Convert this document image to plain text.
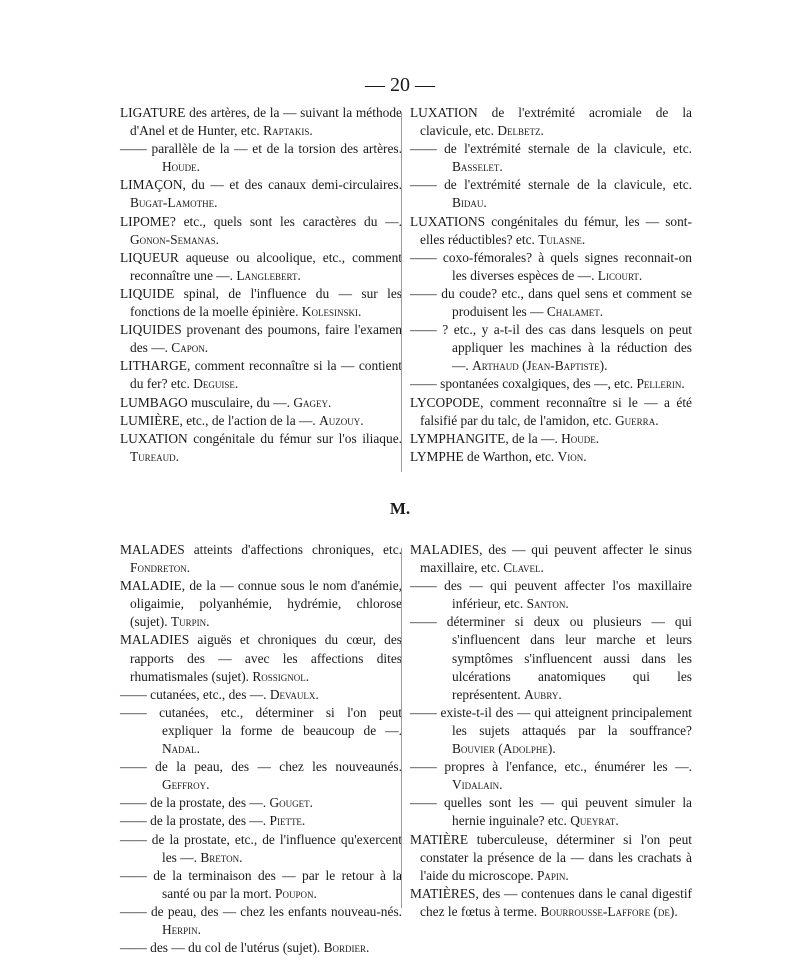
— 20 —
LIGATURE des artères, de la — suivant la méthode d'Anel et de Hunter, etc. Raptakis.
—— parallèle de la — et de la torsion des artères. Houde.
LIMAÇON, du — et des canaux demi-circulaires. Bugat-Lamothe.
LIPOME? etc., quels sont les caractères du —. Gonon-Semanas.
LIQUEUR aqueuse ou alcoolique, etc., comment reconnaître une —. Langlebert.
LIQUIDE spinal, de l'influence du — sur les fonctions de la moelle épinière. Kolesinski.
LIQUIDES provenant des poumons, faire l'examen des —. Capon.
LITHARGE, comment reconnaître si la — contient du fer? etc. Deguise.
LUMBAGO musculaire, du —. Gagey.
LUMIÈRE, etc., de l'action de la —. Auzouy.
LUXATION congénitale du fémur sur l'os iliaque. Tureaud.
LUXATION de l'extrémité acromiale de la clavicule, etc. Delbetz.
—— de l'extrémité sternale de la clavicule, etc. Basselet.
—— de l'extrémité sternale de la clavicule, etc. Bidau.
LUXATIONS congénitales du fémur, les — sont-elles réductibles? etc. Tulasne.
—— coxo-fémorales? à quels signes reconnait-on les diverses espèces de —. Licourt.
—— du coude? etc., dans quel sens et comment se produisent les — Chalamet.
—— ? etc., y a-t-il des cas dans lesquels on peut appliquer les machines à la réduction des —. Arthaud (Jean-Baptiste).
—— spontanées coxalgiques, des —, etc. Pellerin.
LYCOPODE, comment reconnaître si le — a été falsifié par du talc, de l'amidon, etc. Guerra.
LYMPHANGITE, de la —. Houde.
LYMPHE de Warthon, etc. Vion.
M.
MALADES atteints d'affections chroniques, etc. Fondreton.
MALADIE, de la — connue sous le nom d'anémie, oligaimie, polyanhémie, hydrémie, chlorose (sujet). Turpin.
MALADIES aiguës et chroniques du cœur, des rapports des — avec les affections dites rhumatismales (sujet). Rossignol.
—— cutanées, etc., des —. Devaulx.
—— cutanées, etc., déterminer si l'on peut expliquer la forme de beaucoup de —. Nadal.
—— de la peau, des — chez les nouveaunés. Geffroy.
—— de la prostate, des —. Gouget.
—— de la prostate, des —. Piette.
—— de la prostate, etc., de l'influence qu'exercent les —. Breton.
—— de la terminaison des — par le retour à la santé ou par la mort. Poupon.
—— de peau, des — chez les enfants nouveau-nés. Herpin.
—— des — du col de l'utérus (sujet). Bordier.
MALADIES, des — qui peuvent affecter le sinus maxillaire, etc. Clavel.
—— des — qui peuvent affecter l'os maxillaire inférieur, etc. Santon.
—— déterminer si deux ou plusieurs — qui s'influencent dans leur marche et leurs symptômes s'influencent aussi dans les ulcérations anatomiques qui les représentent. Aubry.
—— existe-t-il des — qui atteignent principalement les sujets attaqués par la souffrance? Bouvier (Adolphe).
—— propres à l'enfance, etc., énumérer les —. Vidalain.
—— quelles sont les — qui peuvent simuler la hernie inguinale? etc. Queyrat.
MATIÈRE tuberculeuse, déterminer si l'on peut constater la présence de la — dans les crachats à l'aide du microscope. Papin.
MATIÈRES, des — contenues dans le canal digestif chez le fœtus à terme. Bourrousse-Laffore (de).
